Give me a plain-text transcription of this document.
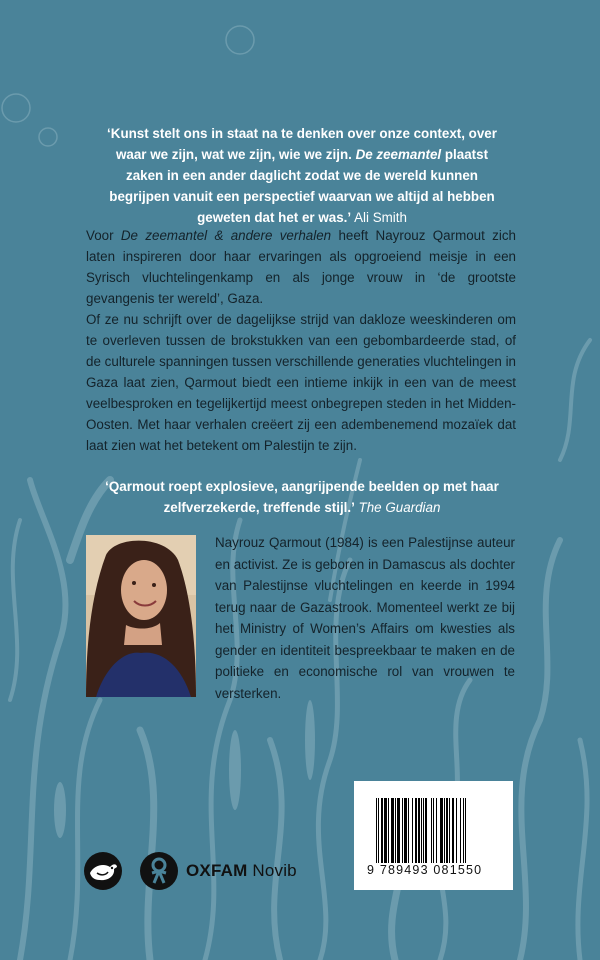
‘Kunst stelt ons in staat na te denken over onze context, over waar we zijn, wat we zijn, wie we zijn. De zeemantel plaatst zaken in een ander daglicht zodat we de wereld kunnen begrijpen vanuit een perspectief waarvan we altijd al hebben geweten dat het er was.’ Ali Smith

Voor De zeemantel & andere verhalen heeft Nayrouz Qarmout zich laten inspireren door haar ervaringen als opgroeiend meisje in een Syrisch vluchtelingenkamp en als jonge vrouw in ‘de grootste gevangenis ter wereld’, Gaza.

Of ze nu schrijft over de dagelijkse strijd van dakloze weeskinderen om te overleven tussen de brokstukken van een gebombardeerde stad, of de culturele spanningen tussen verschillende generaties vluchtelingen in Gaza laat zien, Qarmout biedt een intieme inkijk in een van de meest veelbesproken en tegelijkertijd meest onbegrepen steden in het Midden-Oosten. Met haar verhalen creëert zij een adembenemend mozaïek dat laat zien wat het betekent om Palestijn te zijn.

‘Qarmout roept explosieve, aangrijpende beelden op met haar zelfverzekerde, treffende stijl.’ The Guardian
Nayrouz Qarmout (1984) is een Palestijnse auteur en activist. Ze is geboren in Damascus als dochter van Palestijnse vluchtelingen en keerde in 1994 terug naar de Gazastrook. Momenteel werkt ze bij het Ministry of Women’s Affairs om kwesties als gender en identiteit bespreekbaar te maken en de politieke en economische rol van vrouwen te versterken.
OXFAM Novib	9 789493 081550
